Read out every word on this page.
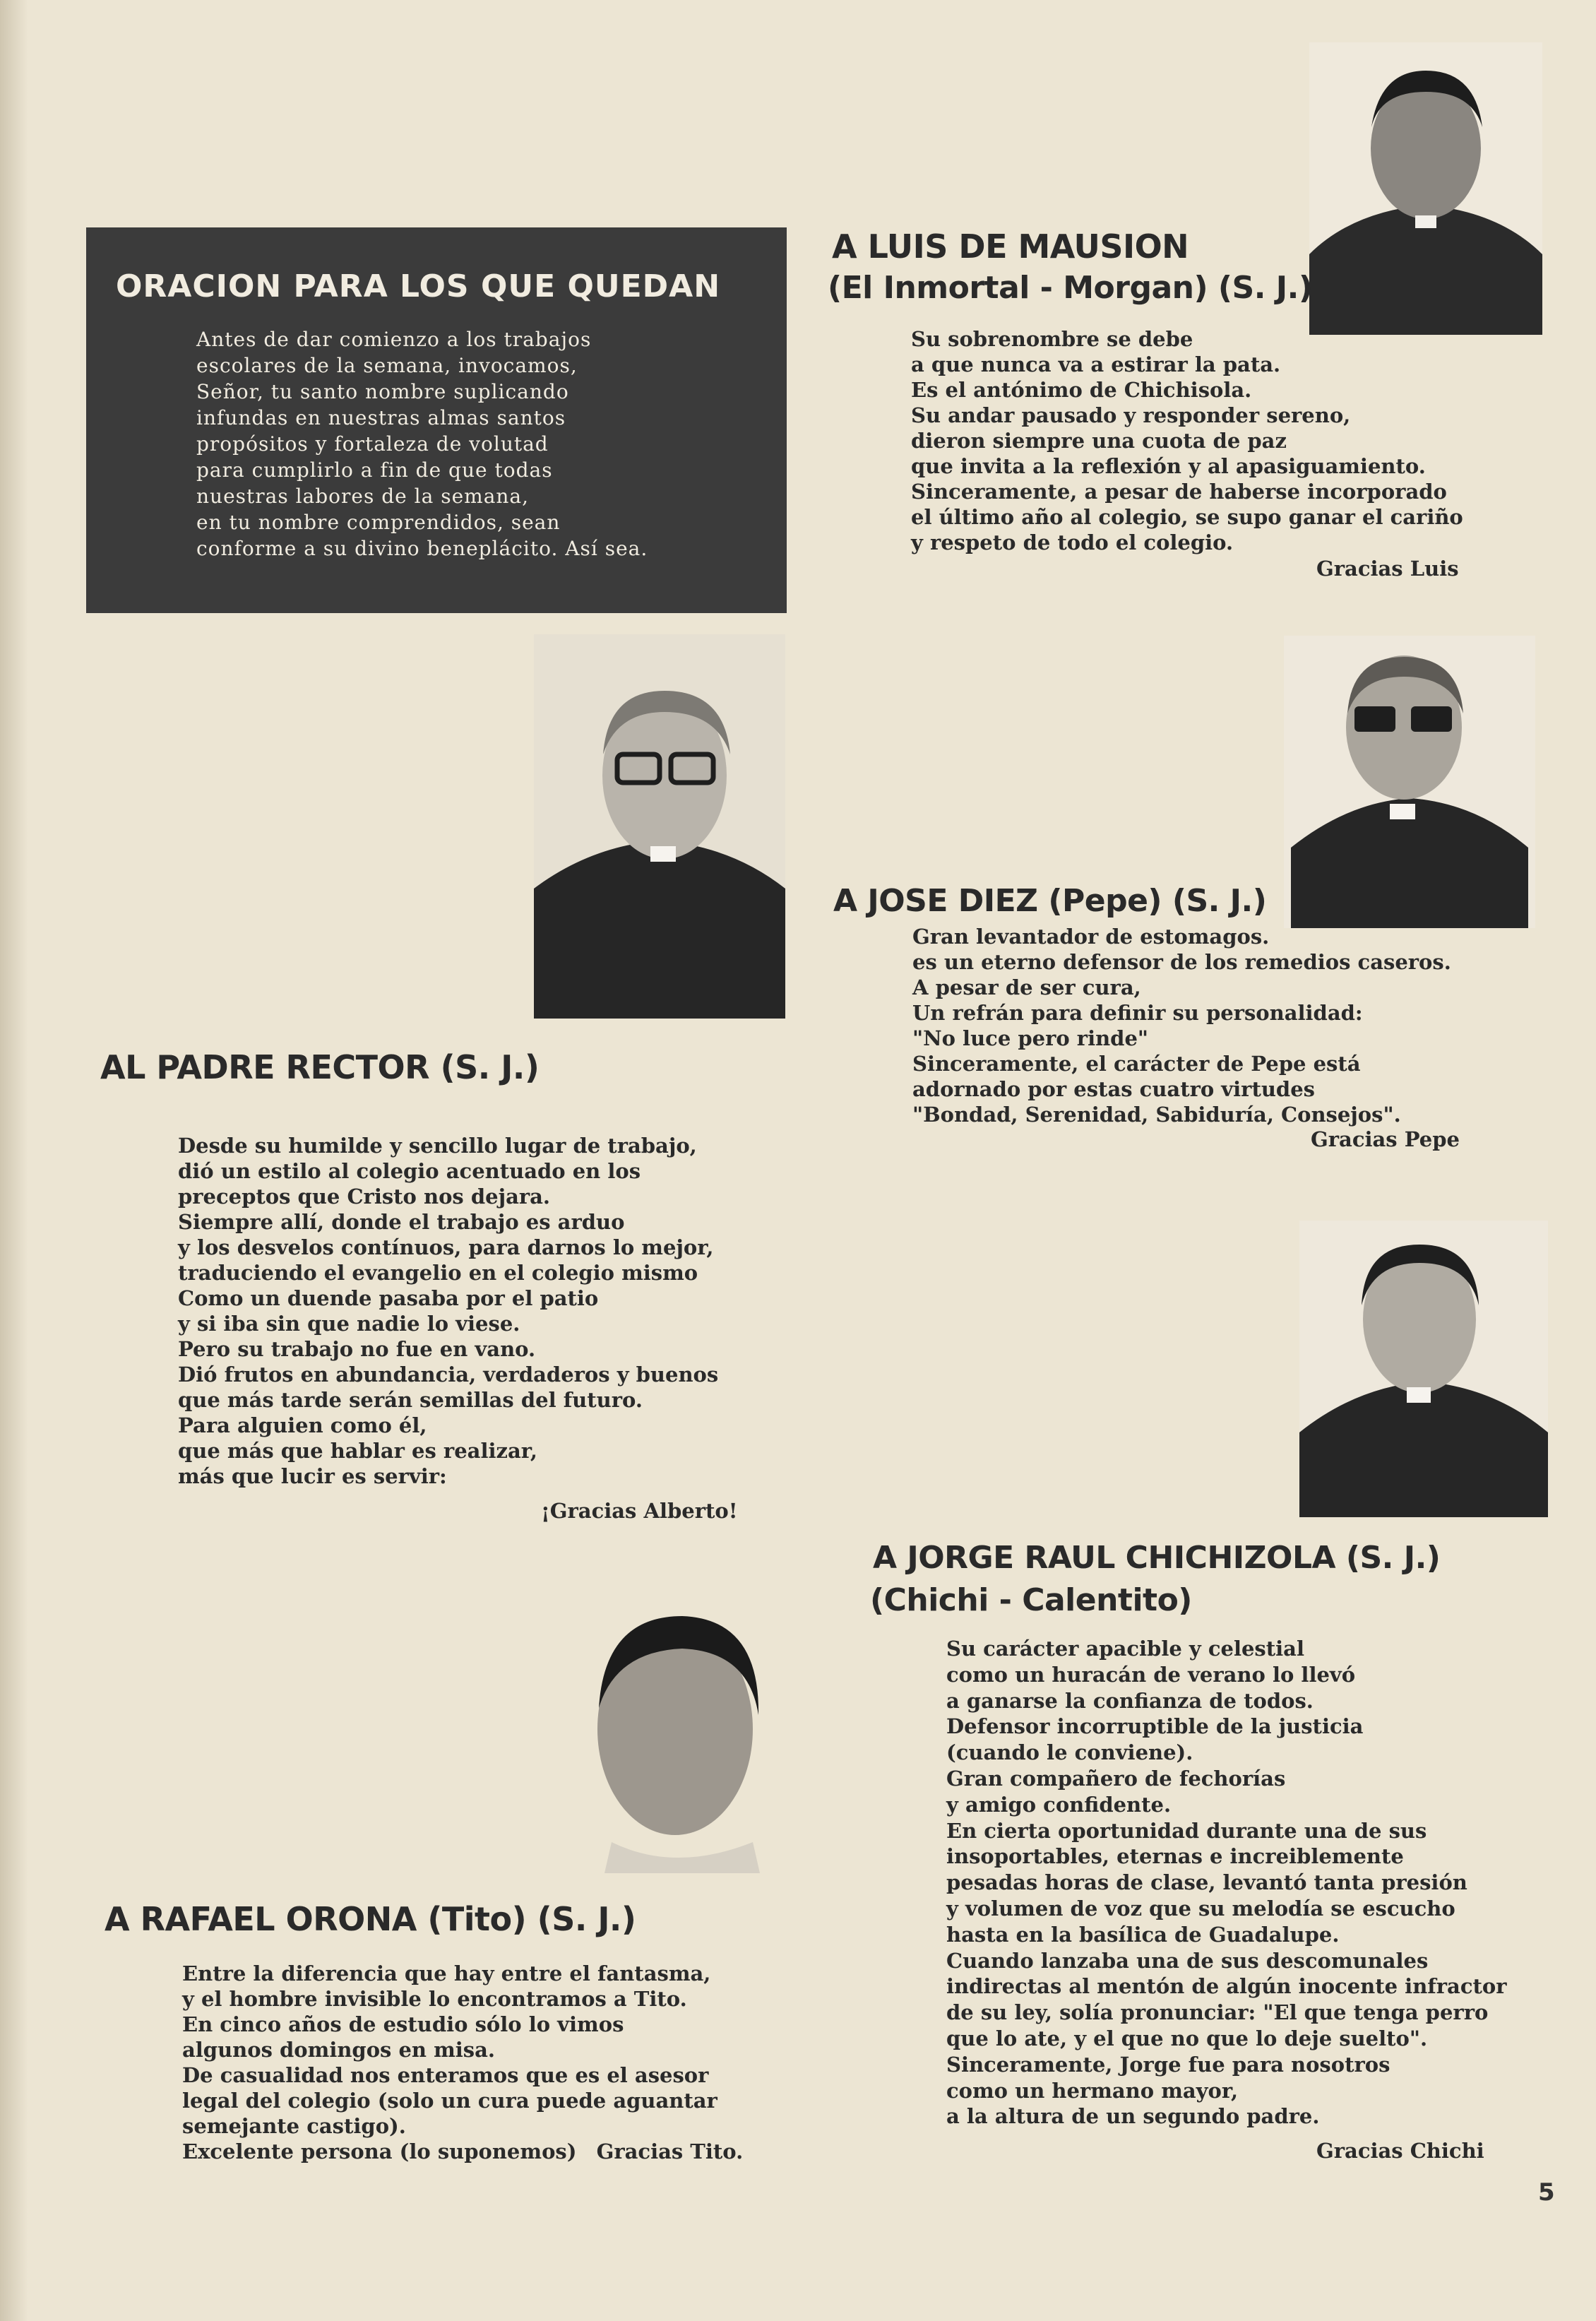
ORACION PARA LOS QUE QUEDAN
Antes de dar comienzo a los trabajos
escolares de la semana, invocamos,
Señor, tu santo nombre suplicando
infundas en nuestras almas santos
propósitos y fortaleza de volutad
para cumplirlo a fin de que todas
nuestras labores de la semana,
en tu nombre comprendidos, sean
conforme a su divino beneplácito. Así sea.
A LUIS DE MAUSION
(El Inmortal - Morgan) (S. J.)
Su sobrenombre se debe
a que nunca va a estirar la pata.
Es el antónimo de Chichisola.
Su andar pausado y responder sereno,
dieron siempre una cuota de paz
que invita a la reflexión y al apasiguamiento.
Sinceramente, a pesar de haberse incorporado
el último año al colegio, se supo ganar el cariño
y respeto de todo el colegio.
Gracias Luis
AL PADRE RECTOR (S. J.)
Desde su humilde y sencillo lugar de trabajo,
dió un estilo al colegio acentuado en los
preceptos que Cristo nos dejara.
Siempre allí, donde el trabajo es arduo
y los desvelos contínuos, para darnos lo mejor,
traduciendo el evangelio en el colegio mismo
Como un duende pasaba por el patio
y si iba sin que nadie lo viese.
Pero su trabajo no fue en vano.
Dió frutos en abundancia, verdaderos y buenos
que más tarde serán semillas del futuro.
Para alguien como él,
que más que hablar es realizar,
más que lucir es servir:
¡Gracias Alberto!
A JOSE DIEZ (Pepe) (S. J.)
Gran levantador de estomagos.
es un eterno defensor de los remedios caseros.
A pesar de ser cura,
Un refrán para definir su personalidad:
"No luce pero rinde"
Sinceramente, el carácter de Pepe está
adornado por estas cuatro virtudes
"Bondad, Serenidad, Sabiduría, Consejos".
Gracias Pepe
A JORGE RAUL CHICHIZOLA (S. J.)
(Chichi - Calentito)
Su carácter apacible y celestial
como un huracán de verano lo llevó
a ganarse la confianza de todos.
Defensor incorruptible de la justicia
(cuando le conviene).
Gran compañero de fechorías
y amigo confidente.
En cierta oportunidad durante una de sus
insoportables, eternas e increiblemente
pesadas horas de clase, levantó tanta presión
y volumen de voz que su melodía se escucho
hasta en la basílica de Guadalupe.
Cuando lanzaba una de sus descomunales
indirectas al mentón de algún inocente infractor
de su ley, solía pronunciar: "El que tenga perro
que lo ate, y el que no que lo deje suelto".
Sinceramente, Jorge fue para nosotros
como un hermano mayor,
a la altura de un segundo padre.
Gracias Chichi
A RAFAEL ORONA (Tito) (S. J.)
Entre la diferencia que hay entre el fantasma,
y el hombre invisible lo encontramos a Tito.
En cinco años de estudio sólo lo vimos
algunos domingos en misa.
De casualidad nos enteramos que es el asesor
legal del colegio (solo un cura puede aguantar
semejante castigo).
Excelente persona (lo suponemos) Gracias Tito.
5
